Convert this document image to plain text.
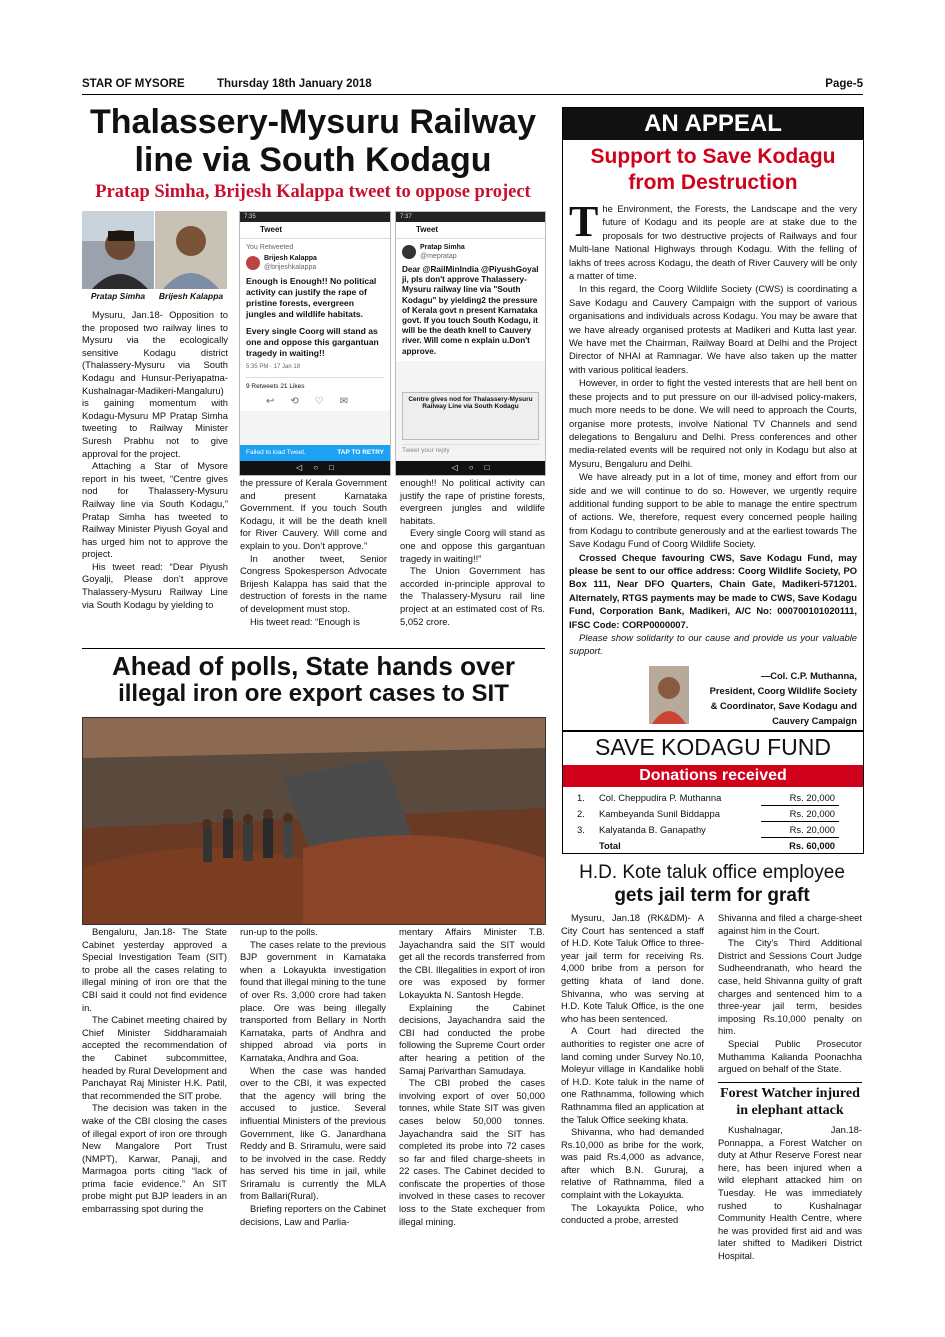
STAR OF MYSORE	Thursday 18th January 2018	Page-5
Thalassery-Mysuru Railway
line via South Kodagu
Pratap Simha, Brijesh Kalappa tweet to oppose project
Pratap Simha	Brijesh Kalappa
7:35
Tweet
You Retweeted
Brijesh Kalappa
@brijeshkalappa
Enough is Enough!! No political activity can justify the rape of pristine forests, evergreen jungles and wildlife habitats.
Every single Coorg will stand as one and oppose this gargantuan tragedy in waiting!!
5:35 PM · 17 Jan 18
9 Retweets 21 Likes
↩⟲♡✉
Failed to load Tweet.	TAP TO RETRY
◁     ○     □
7:37
Tweet
Pratap Simha
@mepratap
Dear @RailMinIndia @PiyushGoyal ji, pls don't approve Thalassery-Mysuru railway line via "South Kodagu" by yielding2 the pressure of Kerala govt n present Karnataka govt. If you touch South Kodagu, it will be the death knell to Cauvery river. Will come n explain u.Don't approve.
Centre gives nod for Thalassery-Mysuru Railway Line via South Kodagu
Tweet your reply
◁     ○     □

Mysuru, Jan.18- Opposition to the proposed two railway lines to Mysuru via the ecologically sensitive Kodagu district (Thalassery-Mysuru via South Kodagu and Hunsur-Periyapatna-Kushalnagar-Madikeri-Mangaluru) is gaining momentum with Kodagu-Mysuru MP Pratap Simha tweeting to Railway Minister Suresh Prabhu not to give approval for the project.

Attaching a Star of Mysore report in his tweet, “Centre gives nod for Thalassery-Mysuru Railway line via South Kodagu,” Pratap Simha has tweeted to Railway Minister Piyush Goyal and has urged him not to approve the project.

His tweet read: “Dear Piyush Goyalji, Please don’t approve Thalassery-Mysuru Railway Line via South Kodagu by yielding to

the pressure of Kerala Government and present Karnataka Government. If you touch South Kodagu, it will be the death knell for River Cauvery. Will come and explain to you. Don’t approve.”

In another tweet, Senior Congress Spokesperson Advocate Brijesh Kalappa has said that the destruction of forests in the name of development must stop.

His tweet read: “Enough is

enough!! No political activity can justify the rape of pristine forests, evergreen jungles and wildlife habitats.

Every single Coorg will stand as one and oppose this gargantuan tragedy in waiting!!”

The Union Government has accorded in-principle approval to the Thalassery-Mysuru rail line project at an estimated cost of Rs. 5,052 crore.

Ahead of polls, State hands over
illegal iron ore export cases to SIT

Bengaluru, Jan.18- The State Cabinet yesterday approved a Special Investigation Team (SIT) to probe all the cases relating to illegal mining of iron ore that the CBI said it could not find evidence in.

The Cabinet meeting chaired by Chief Minister Siddharamaiah accepted the recommendation of the Cabinet subcommittee, headed by Rural Development and Panchayat Raj Minister H.K. Patil, that recommended the SIT probe.

The decision was taken in the wake of the CBI closing the cases of illegal export of iron ore through New Mangalore Port Trust (NMPT), Karwar, Panaji, and Marmagoa ports citing “lack of prima facie evidence.” An SIT probe might put BJP leaders in an embarrassing spot during the

run-up to the polls.

The cases relate to the previous BJP government in Karnataka when a Lokayukta investigation found that illegal mining to the tune of over Rs. 3,000 crore had taken place. Ore was being illegally transported from Bellary in North Karnataka, parts of Andhra and shipped abroad via ports in Karnataka, Andhra and Goa.

When the case was handed over to the CBI, it was expected that the agency will bring the accused to justice. Several influential Ministers of the previous Government, like G. Janardhana Reddy and B. Sriramulu, were said to be involved in the case. Reddy has served his time in jail, while Sriramalu is currently the MLA from Ballari(Rural).

Briefing reporters on the Cabinet decisions, Law and Parlia-

mentary Affairs Minister T.B. Jayachandra said the SIT would get all the records transferred from the CBI. Illegalities in export of iron ore was exposed by former Lokayukta N. Santosh Hegde.

Explaining the Cabinet decisions, Jayachandra said the CBI had conducted the probe following the Supreme Court order after hearing a petition of the Samaj Parivarthan Samudaya.

The CBI probed the cases involving export of over 50,000 tonnes, while State SIT was given cases below 50,000 tonnes. Jayachandra said the SIT has completed its probe into 72 cases so far and filed charge-sheets in 22 cases. The Cabinet decided to confiscate the properties of those involved in these cases to recover loss to the State exchequer from illegal mining.

AN APPEAL
Support to Save Kodagu
from Destruction

The Environment, the Forests, the Landscape and the very future of Kodagu and its people are at stake due to the proposals for two destructive projects of Railways and four Multi-lane National Highways through Kodagu. With the felling of lakhs of trees across Kodagu, the death of River Cauvery will be only a matter of time.

In this regard, the Coorg Wildlife Society (CWS) is coordinating a Save Kodagu and Cauvery Campaign with the support of various organisations and individuals across Kodagu. You may be aware that we have already organised protests at Madikeri and Kutta last year. We have met the Chairman, Railway Board at Delhi and the Project Director of NHAI at Ramnagar. We have also taken up the matter with various political leaders.

However, in order to fight the vested interests that are hell bent on these projects and to put pressure on our ill-advised policy-makers, much more needs to be done. We will need to approach the Courts, organise more protests, involve National TV Channels and send delegations to Bengaluru and Delhi. Press conferences and other media-related events will be required not only in Kodagu but also at Mysuru, Bengaluru and Delhi.

We have already put in a lot of time, money and effort from our side and we will continue to do so. However, we urgently require additional funding support to be able to manage the entire spectrum of actions. We, therefore, request every concerned people hailing from Kodagu to contribute generously and at the earliest towards The Save Kodagu Fund of Coorg Wildlife Society.

Crossed Cheque favouring CWS, Save Kodagu Fund, may please be sent to our office address: Coorg Wildlife Society, PO Box 111, Near DFO Quarters, Chain Gate, Madikeri-571201. Alternately, RTGS payments may be made to CWS, Save Kodagu Fund, Corporation Bank, Madikeri, A/C No: 000700101020111, IFSC Code: CORP0000007.

Please show solidarity to our cause and provide us your valuable support.

—Col. C.P. Muthanna,
President, Coorg Wildlife Society
& Coordinator, Save Kodagu and
Cauvery Campaign
SAVE KODAGU FUND
Donations received
1.	Col. Cheppudira P. Muthanna	Rs. 20,000
2.	Kambeyanda Sunil Biddappa	Rs. 20,000
3.	Kalyatanda B. Ganapathy	Rs. 20,000
	Total	Rs. 60,000
H.D. Kote taluk office employee
gets jail term for graft

Mysuru, Jan.18 (RK&DM)- A City Court has sentenced a staff of H.D. Kote Taluk Office to three-year jail term for receiving Rs. 4,000 bribe from a person for getting khata of land done. Shivanna, who was serving at H.D. Kote Taluk Office, is the one who has been sentenced.

A Court had directed the authorities to register one acre of land coming under Survey No.10, Moleyur village in Kandalike hobli of H.D. Kote taluk in the name of one Rathnamma, following which Rathnamma filed an application at the Taluk Office seeking khata.

Shivanna, who had demanded Rs.10,000 as bribe for the work, was paid Rs.4,000 as advance, after which B.N. Gururaj, a relative of Rathnamma, filed a complaint with the Lokayukta.

The Lokayukta Police, who conducted a probe, arrested

Shivanna and filed a charge-sheet against him in the Court.

The City’s Third Additional District and Sessions Court Judge Sudheendranath, who heard the case, held Shivanna guilty of graft charges and sentenced him to a three-year jail term, besides imposing Rs.10,000 penalty on him.

Special Public Prosecutor Muthamma Kalianda Poonachha argued on behalf of the State.

Forest Watcher injured
in elephant attack

Kushalnagar, Jan.18- Ponnappa, a Forest Watcher on duty at Athur Reserve Forest near here, has been injured when a wild elephant attacked him on Tuesday. He was immediately rushed to Kushalnagar Community Health Centre, where he was provided first aid and was later shifted to Madikeri District Hospital.
